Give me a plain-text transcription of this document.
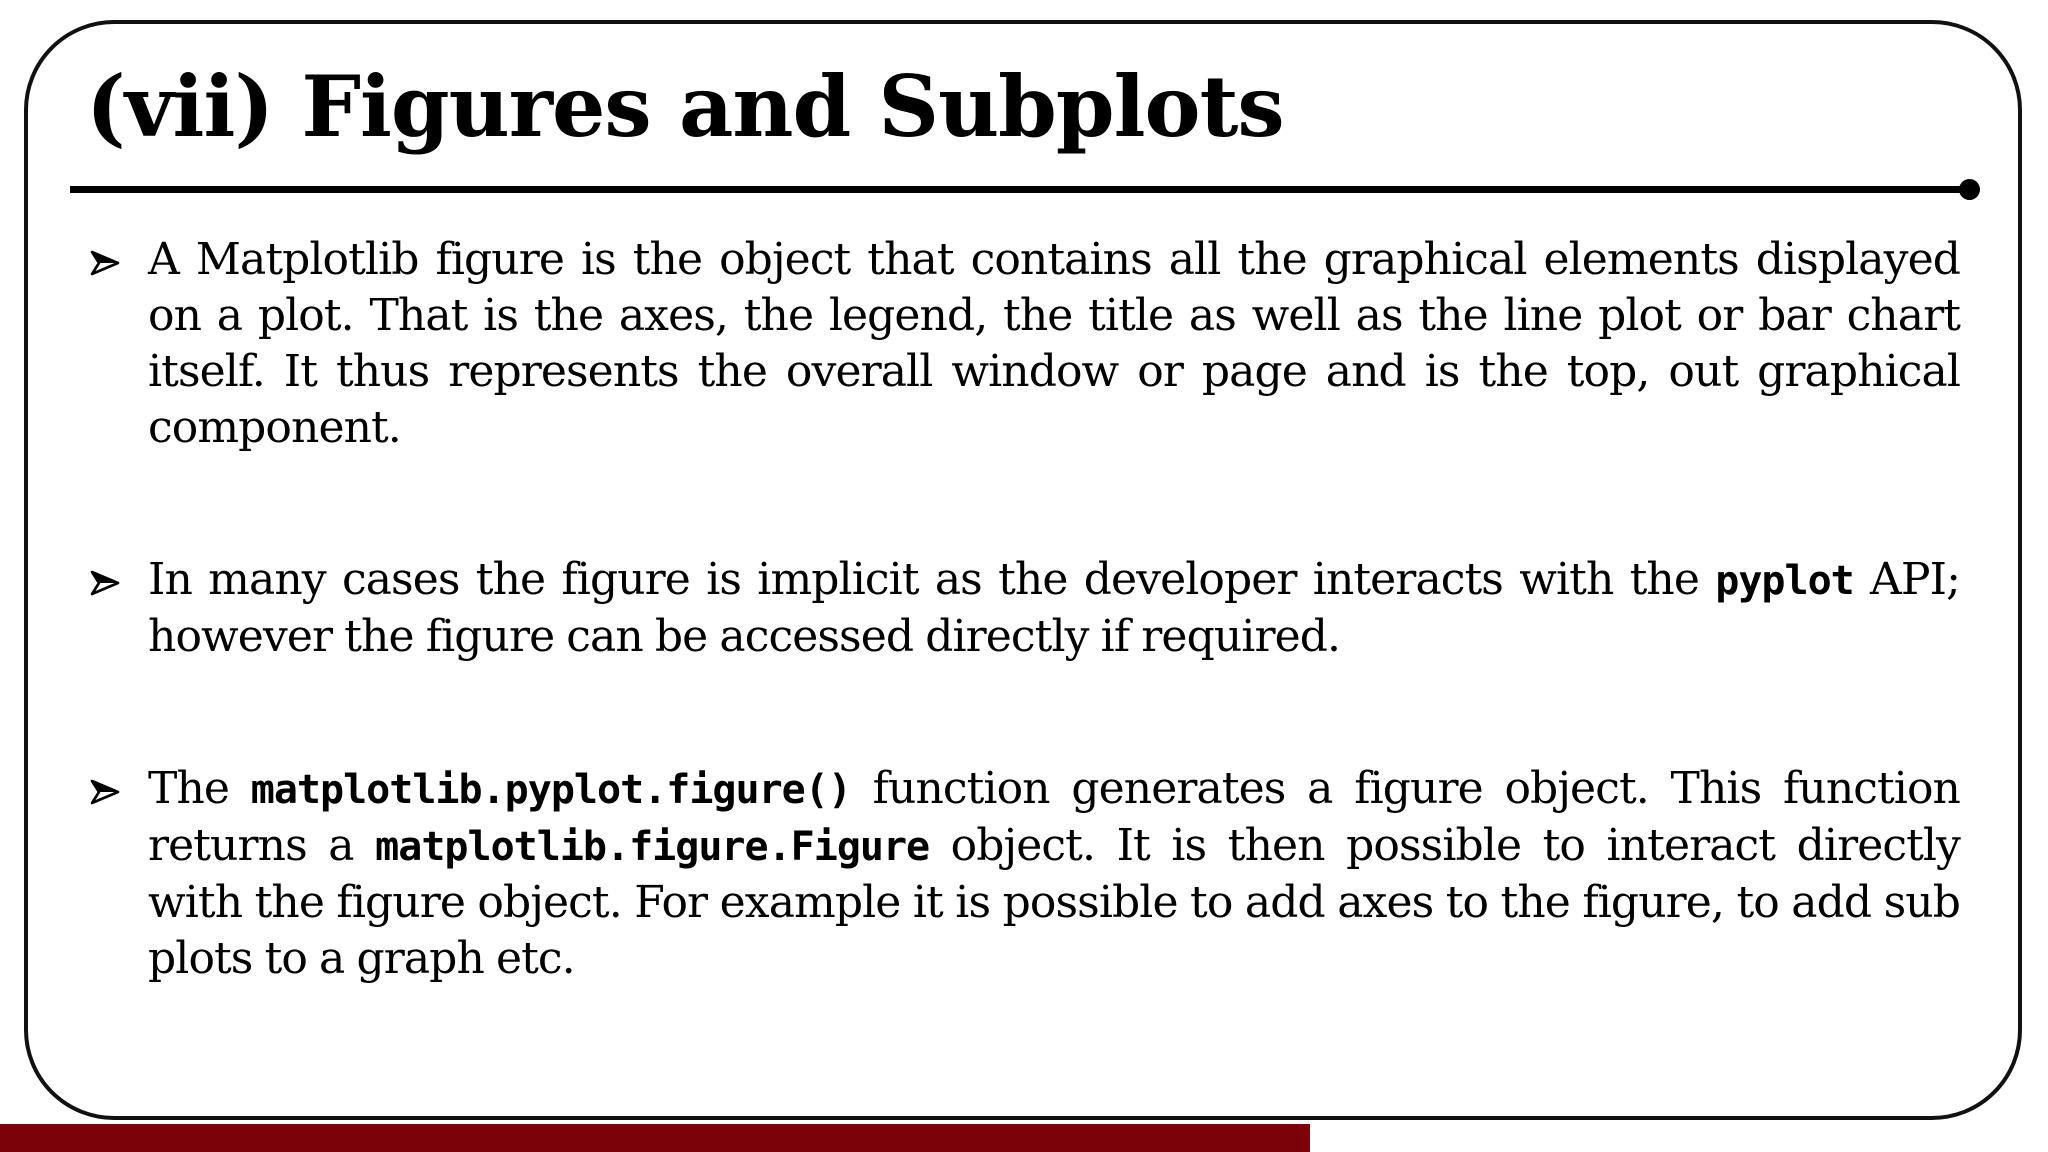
(vii) Figures and Subplots
A Matplotlib figure is the object that contains all the graphical elements displayed on a plot. That is the axes, the legend, the title as well as the line plot or bar chart itself. It thus represents the overall window or page and is the top, out graphical component.
In many cases the figure is implicit as the developer interacts with the pyplot API; however the figure can be accessed directly if required.
The matplotlib.pyplot.figure() function generates a figure object. This function returns a matplotlib.figure.Figure object. It is then possible to interact directly with the figure object. For example it is possible to add axes to the figure, to add sub plots to a graph etc.
